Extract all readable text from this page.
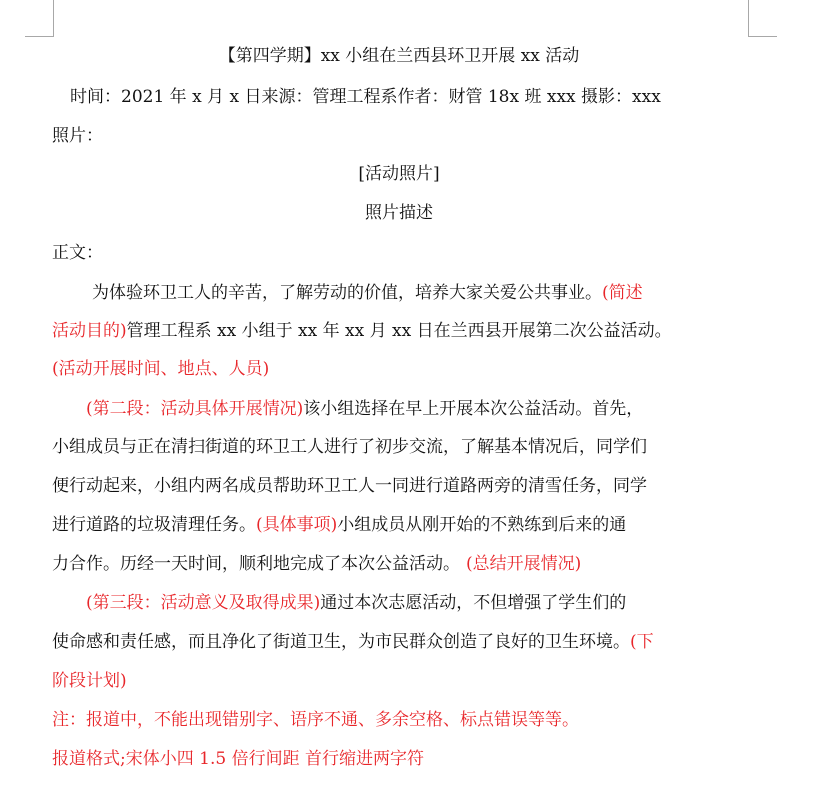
【第四学期】xx 小组在兰西县环卫开展 xx 活动
时间：2021 年 x 月 x 日来源：管理工程系作者：财管 18x 班 xxx 摄影：xxx
照片：
[活动照片]
照片描述
正文：
为体验环卫工人的辛苦，了解劳动的价值，培养大家关爱公共事业。(简述
活动目的)管理工程系 xx 小组于 xx 年 xx 月 xx 日在兰西县开展第二次公益活动。
(活动开展时间、地点、人员)
(第二段：活动具体开展情况)该小组选择在早上开展本次公益活动。首先，
小组成员与正在清扫街道的环卫工人进行了初步交流，了解基本情况后，同学们
便行动起来，小组内两名成员帮助环卫工人一同进行道路两旁的清雪任务，同学
进行道路的垃圾清理任务。(具体事项)小组成员从刚开始的不熟练到后来的通
力合作。历经一天时间，顺利地完成了本次公益活动。 (总结开展情况)
(第三段：活动意义及取得成果)通过本次志愿活动，不但增强了学生们的
使命感和责任感，而且净化了街道卫生，为市民群众创造了良好的卫生环境。(下
阶段计划)
注：报道中，不能出现错别字、语序不通、多余空格、标点错误等等。
报道格式;宋体小四 1.5 倍行间距 首行缩进两字符
